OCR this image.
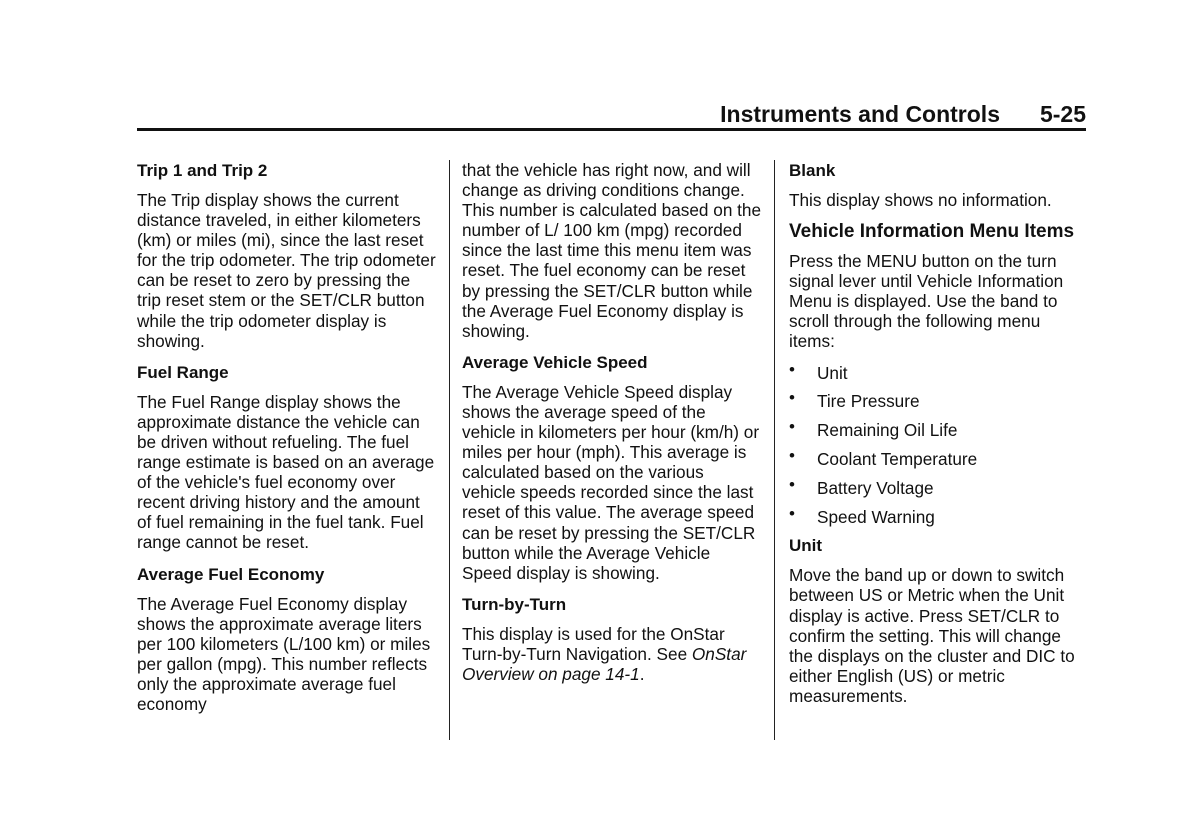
Instruments and Controls 5-25
Trip 1 and Trip 2

The Trip display shows the current distance traveled, in either kilometers (km) or miles (mi), since the last reset for the trip odometer. The trip odometer can be reset to zero by pressing the trip reset stem or the SET/CLR button while the trip odometer display is showing.

Fuel Range

The Fuel Range display shows the approximate distance the vehicle can be driven without refueling. The fuel range estimate is based on an average of the vehicle's fuel economy over recent driving history and the amount of fuel remaining in the fuel tank. Fuel range cannot be reset.

Average Fuel Economy

The Average Fuel Economy display shows the approximate average liters per 100 kilometers (L/100 km) or miles per gallon (mpg). This number reflects only the approximate average fuel economy

that the vehicle has right now, and will change as driving conditions change. This number is calculated based on the number of L/ 100 km (mpg) recorded since the last time this menu item was reset. The fuel economy can be reset by pressing the SET/CLR button while the Average Fuel Economy display is showing.

Average Vehicle Speed

The Average Vehicle Speed display shows the average speed of the vehicle in kilometers per hour (km/h) or miles per hour (mph). This average is calculated based on the various vehicle speeds recorded since the last reset of this value. The average speed can be reset by pressing the SET/CLR button while the Average Vehicle Speed display is showing.

Turn-by-Turn

This display is used for the OnStar Turn-by-Turn Navigation. See OnStar Overview on page 14-1.

Blank

This display shows no information.

Vehicle Information Menu Items

Press the MENU button on the turn signal lever until Vehicle Information Menu is displayed. Use the band to scroll through the following menu items:

• Unit
• Tire Pressure
• Remaining Oil Life
• Coolant Temperature
• Battery Voltage
• Speed Warning
Unit

Move the band up or down to switch between US or Metric when the Unit display is active. Press SET/CLR to confirm the setting. This will change the displays on the cluster and DIC to either English (US) or metric measurements.
